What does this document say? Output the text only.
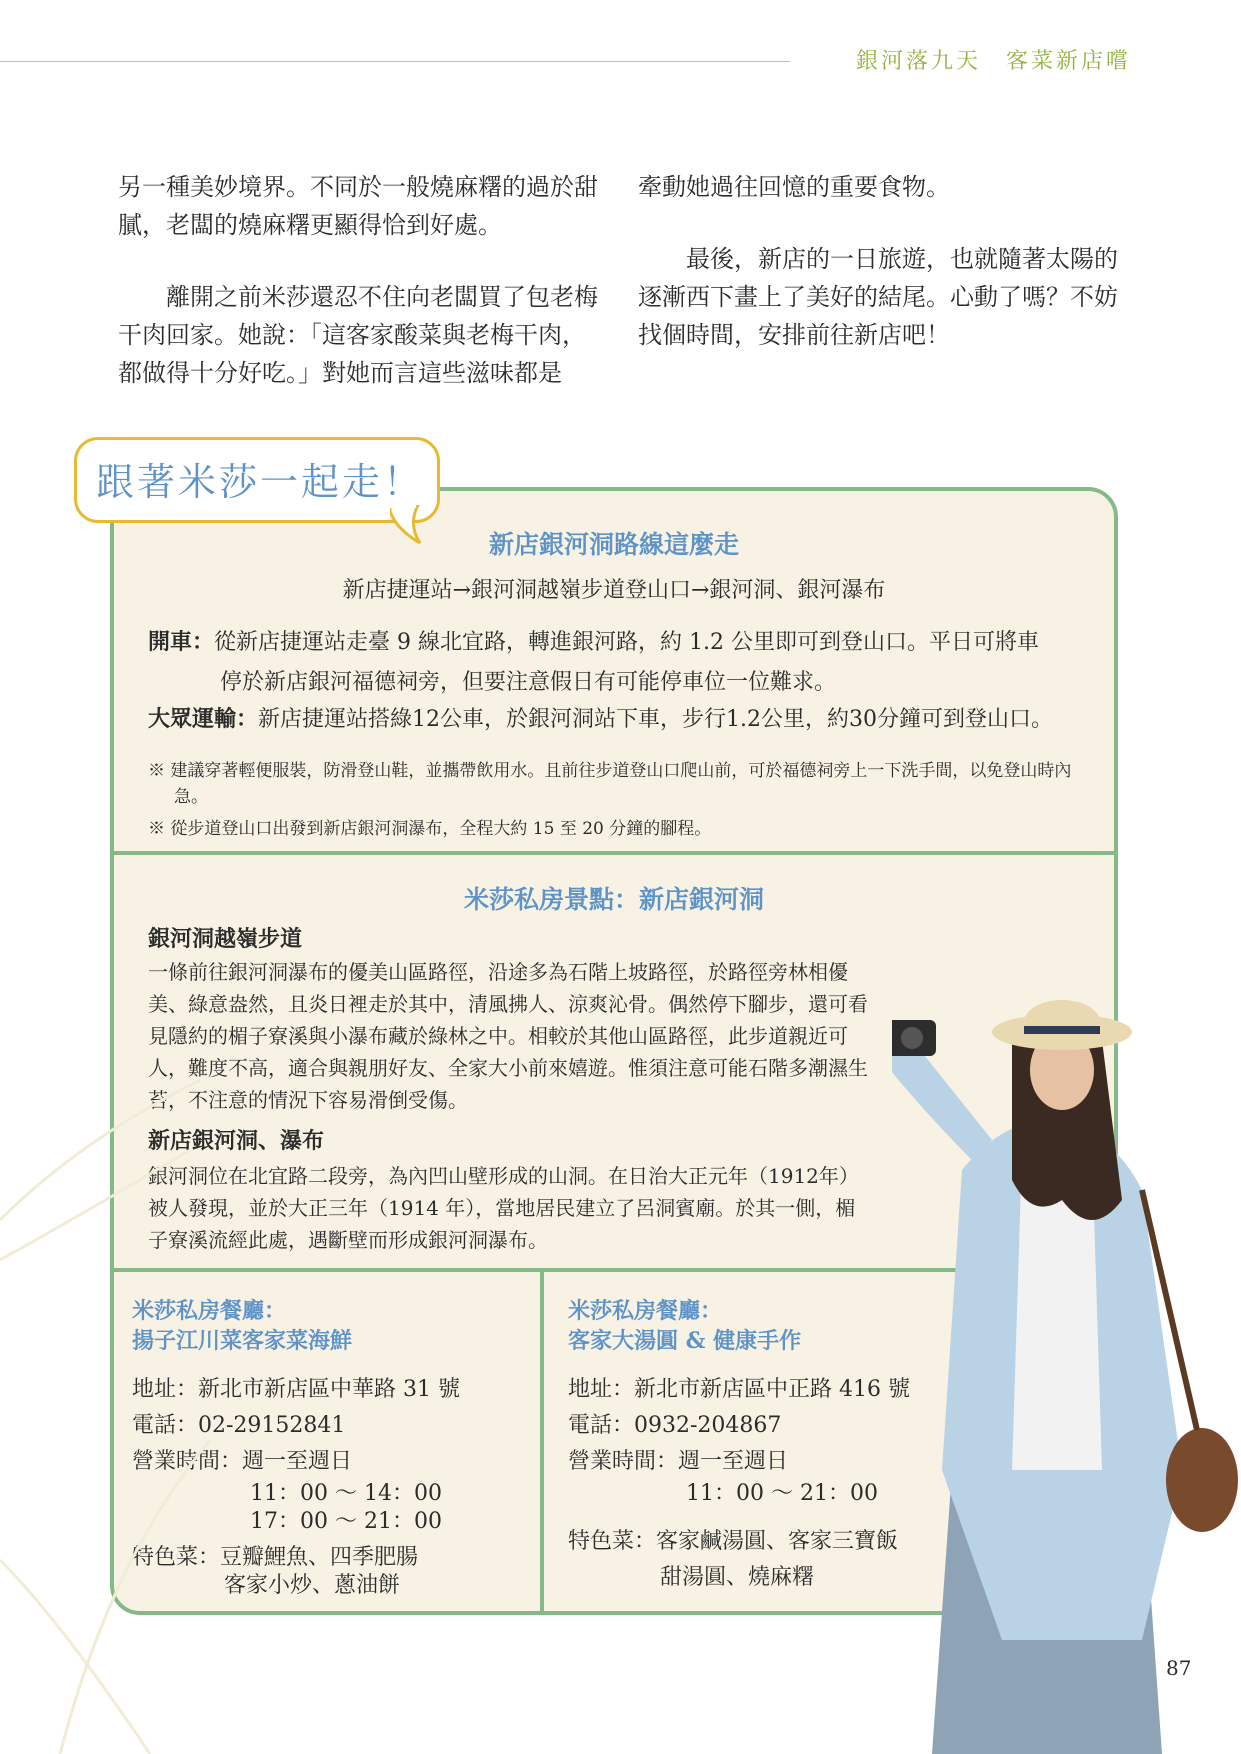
銀河落九天　客菜新店嚐

另一種美妙境界。不同於一般燒麻糬的過於甜膩，老闆的燒麻糬更顯得恰到好處。

　　離開之前米莎還忍不住向老闆買了包老梅干肉回家。她說：「這客家酸菜與老梅干肉，都做得十分好吃。」對她而言這些滋味都是

牽動她過往回憶的重要食物。

　　最後，新店的一日旅遊，也就隨著太陽的逐漸西下畫上了美好的結尾。心動了嗎？不妨找個時間，安排前往新店吧！

跟著米莎一起走！
新店銀河洞路線這麼走
新店捷運站→銀河洞越嶺步道登山口→銀河洞、銀河瀑布
開車：從新店捷運站走臺 9 線北宜路，轉進銀河路，約 1.2 公里即可到登山口。平日可將車
停於新店銀河福德祠旁，但要注意假日有可能停車位一位難求。
大眾運輸：新店捷運站搭綠12公車，於銀河洞站下車，步行1.2公里，約30分鐘可到登山口。
※ 建議穿著輕便服裝，防滑登山鞋，並攜帶飲用水。且前往步道登山口爬山前，可於福德祠旁上一下洗手間，以免登山時內急。
※ 從步道登山口出發到新店銀河洞瀑布，全程大約 15 至 20 分鐘的腳程。
米莎私房景點：新店銀河洞
銀河洞越嶺步道
一條前往銀河洞瀑布的優美山區路徑，沿途多為石階上坡路徑，於路徑旁林相優美、綠意盎然，且炎日裡走於其中，清風拂人、涼爽沁骨。偶然停下腳步，還可看見隱約的楣子寮溪與小瀑布藏於綠林之中。相較於其他山區路徑，此步道親近可人，難度不高，適合與親朋好友、全家大小前來嬉遊。惟須注意可能石階多潮濕生苔，不注意的情況下容易滑倒受傷。
新店銀河洞、瀑布
銀河洞位在北宜路二段旁，為內凹山壁形成的山洞。在日治大正元年（1912年）被人發現，並於大正三年（1914 年），當地居民建立了呂洞賓廟。於其一側，楣子寮溪流經此處，遇斷壁而形成銀河洞瀑布。
米莎私房餐廳：
揚子江川菜客家菜海鮮
地址：新北市新店區中華路 31 號
電話：02-29152841
營業時間：週一至週日
11：00 ～ 14：00
17：00 ～ 21：00
特色菜：豆瓣鯉魚、四季肥腸
客家小炒、蔥油餅
米莎私房餐廳：
客家大湯圓 & 健康手作
地址：新北市新店區中正路 416 號
電話：0932-204867
營業時間：週一至週日
11：00 ～ 21：00
特色菜：客家鹹湯圓、客家三寶飯
甜湯圓、燒麻糬
87
